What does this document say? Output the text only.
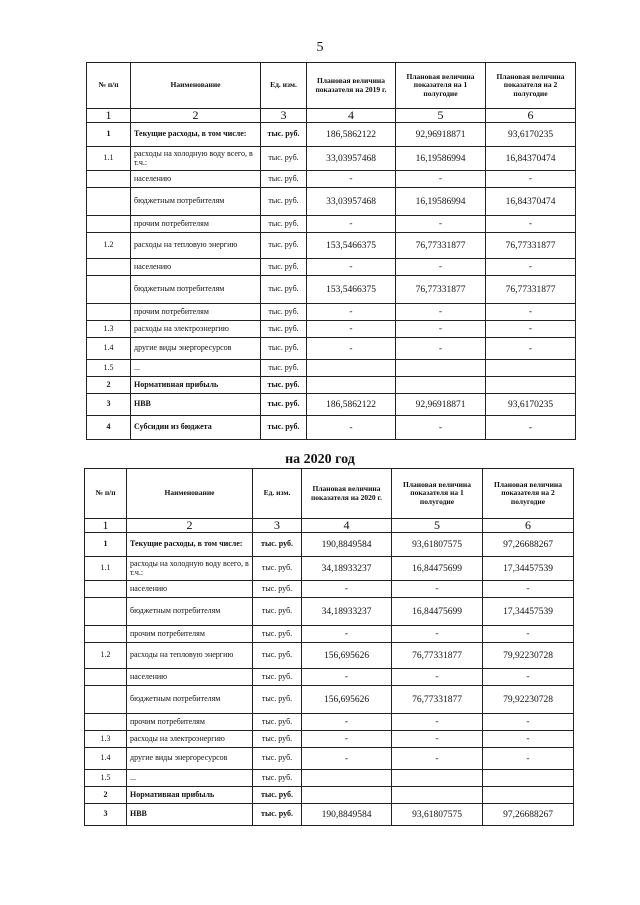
5
№ п/п	Наименование	Ед. изм.	Плановая величина показателя на 2019 г.	Плановая величина показателя на 1 полугодие	Плановая величина показателя на 2 полугодие
1	2	3	4	5	6
1	Текущие расходы, в том числе:	тыс. руб.	186,5862122	92,96918871	93,6170235
1.1	расходы на холодную воду всего, в т.ч.:	тыс. руб.	33,03957468	16,19586994	16,84370474
	населению	тыс. руб.	-	-	-
	бюджетным потребителям	тыс. руб.	33,03957468	16,19586994	16,84370474
	прочим потребителям	тыс. руб.	-	-	-
1.2	расходы на тепловую энергию	тыс. руб.	153,5466375	76,77331877	76,77331877
	населению	тыс. руб.	-	-	-
	бюджетным потребителям	тыс. руб.	153,5466375	76,77331877	76,77331877
	прочим потребителям	тыс. руб.	-	-	-
1.3	расходы на электроэнергию	тыс. руб.	-	-	-
1.4	другие виды энергоресурсов	тыс. руб.	-	-	-
1.5	...	тыс. руб.			
2	Нормативная прибыль	тыс. руб.			
3	НВВ	тыс. руб.	186,5862122	92,96918871	93,6170235
4	Субсидии из бюджета	тыс. руб.	-	-	-
на 2020 год
№ п/п	Наименование	Ед. изм.	Плановая величина показателя на 2020 г.	Плановая величина показателя на 1 полугодие	Плановая величина показателя на 2 полугодие
1	2	3	4	5	6
1	Текущие расходы, в том числе:	тыс. руб.	190,8849584	93,61807575	97,26688267
1.1	расходы на холодную воду всего, в т.ч.:	тыс. руб.	34,18933237	16,84475699	17,34457539
	населению	тыс. руб.	-	-	-
	бюджетным потребителям	тыс. руб.	34,18933237	16,84475699	17,34457539
	прочим потребителям	тыс. руб.	-	-	-
1.2	расходы на тепловую энергию	тыс. руб.	156,695626	76,77331877	79,92230728
	населению	тыс. руб.	-	-	-
	бюджетным потребителям	тыс. руб.	156,695626	76,77331877	79,92230728
	прочим потребителям	тыс. руб.	-	-	-
1.3	расходы на электроэнергию	тыс. руб.	-	-	-
1.4	другие виды энергоресурсов	тыс. руб.	-	-	-
1.5	...	тыс. руб.			
2	Нормативная прибыль	тыс. руб.			
3	НВВ	тыс. руб.	190,8849584	93,61807575	97,26688267
